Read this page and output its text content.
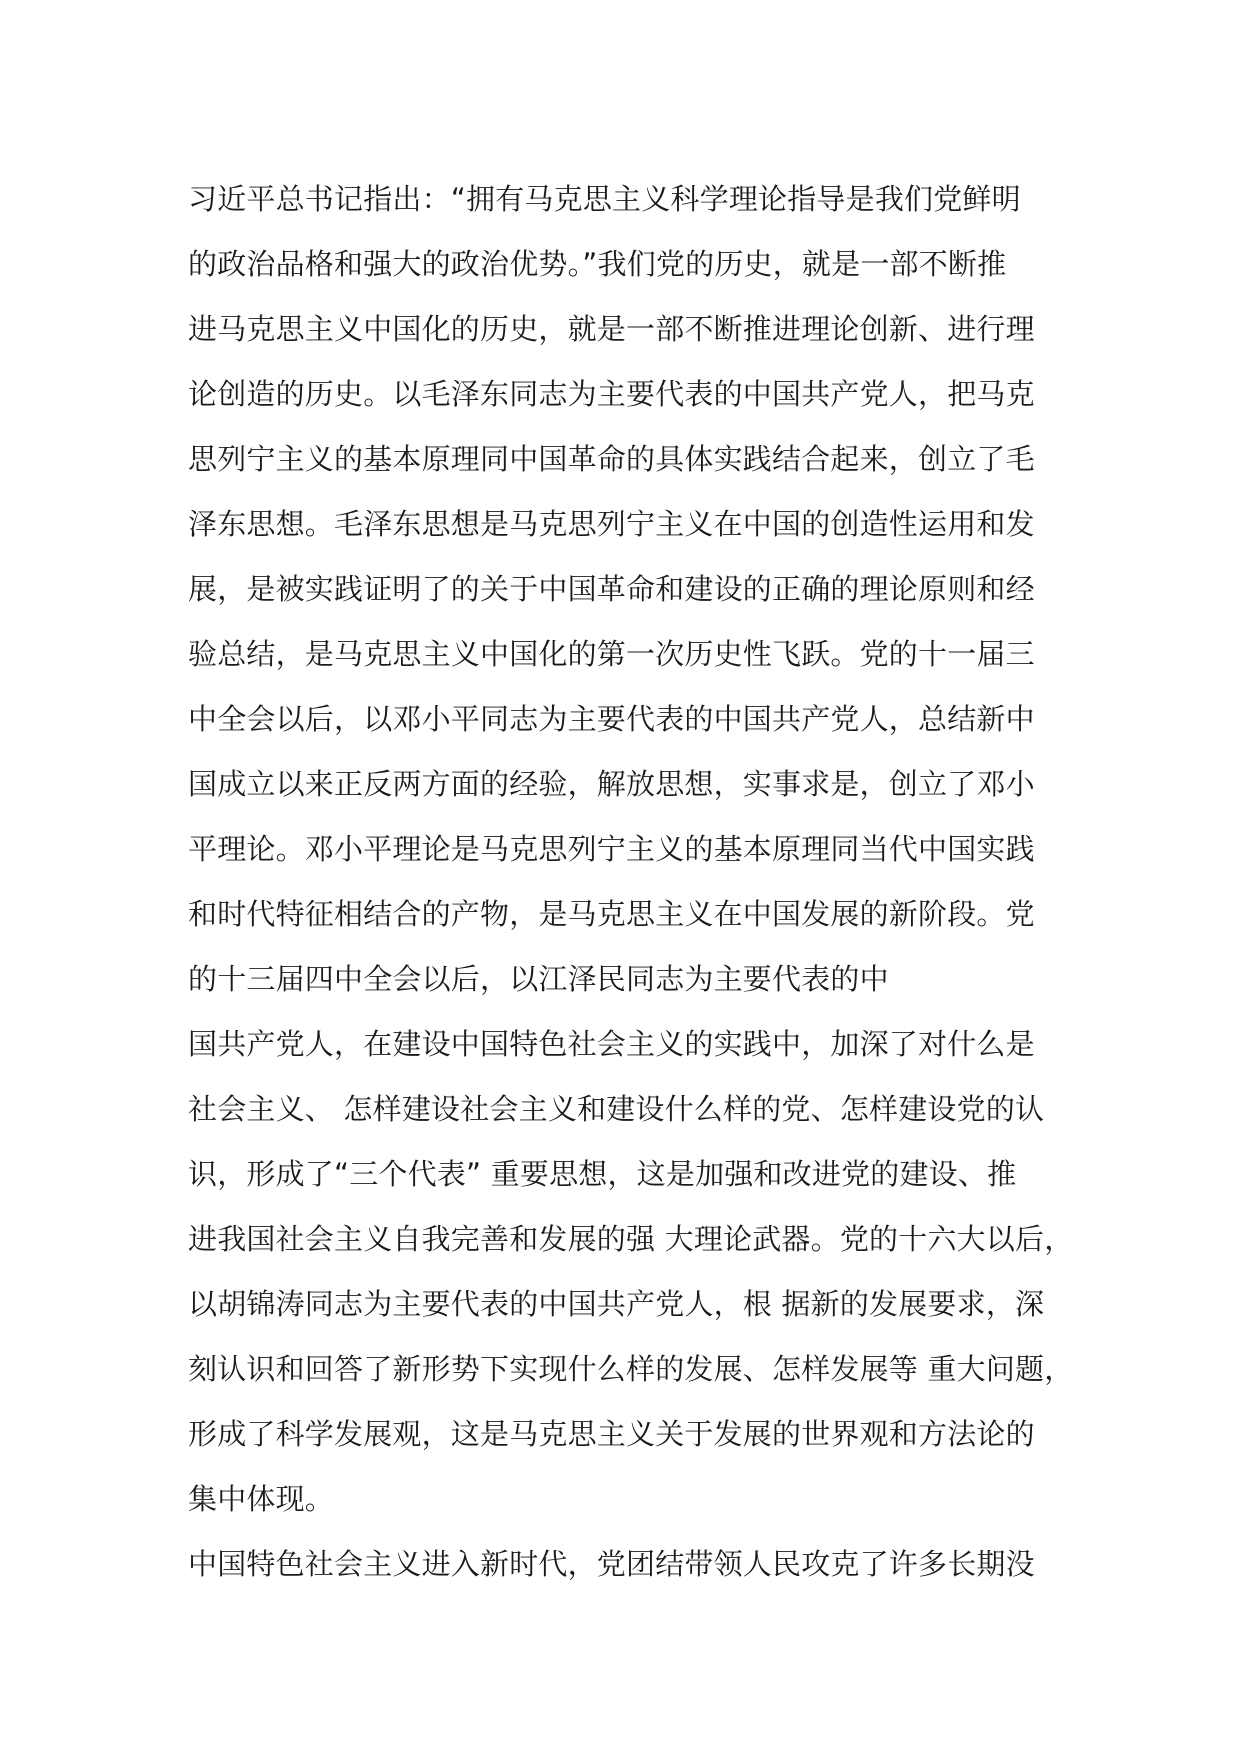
习近平总书记指出：“拥有马克思主义科学理论指导是我们党鲜明
的政治品格和强大的政治优势。”我们党的历史，就是一部不断推
进马克思主义中国化的历史，就是一部不断推进理论创新、进行理
论创造的历史。以毛泽东同志为主要代表的中国共产党人，把马克
思列宁主义的基本原理同中国革命的具体实践结合起来，创立了毛
泽东思想。毛泽东思想是马克思列宁主义在中国的创造性运用和发
展，是被实践证明了的关于中国革命和建设的正确的理论原则和经
验总结，是马克思主义中国化的第一次历史性飞跃。党的十一届三
中全会以后，以邓小平同志为主要代表的中国共产党人，总结新中
国成立以来正反两方面的经验，解放思想，实事求是，创立了邓小
平理论。邓小平理论是马克思列宁主义的基本原理同当代中国实践
和时代特征相结合的产物，是马克思主义在中国发展的新阶段。党
的十三届四中全会以后，以江泽民同志为主要代表的中
国共产党人，在建设中国特色社会主义的实践中，加深了对什么是
社会主义、 怎样建设社会主义和建设什么样的党、怎样建设党的认
识，形成了“三个代表” 重要思想，这是加强和改进党的建设、推
进我国社会主义自我完善和发展的强 大理论武器。党的十六大以后，
以胡锦涛同志为主要代表的中国共产党人，根 据新的发展要求，深
刻认识和回答了新形势下实现什么样的发展、怎样发展等 重大问题，
形成了科学发展观，这是马克思主义关于发展的世界观和方法论的
集中体现。
中国特色社会主义进入新时代，党团结带领人民攻克了许多长期没
